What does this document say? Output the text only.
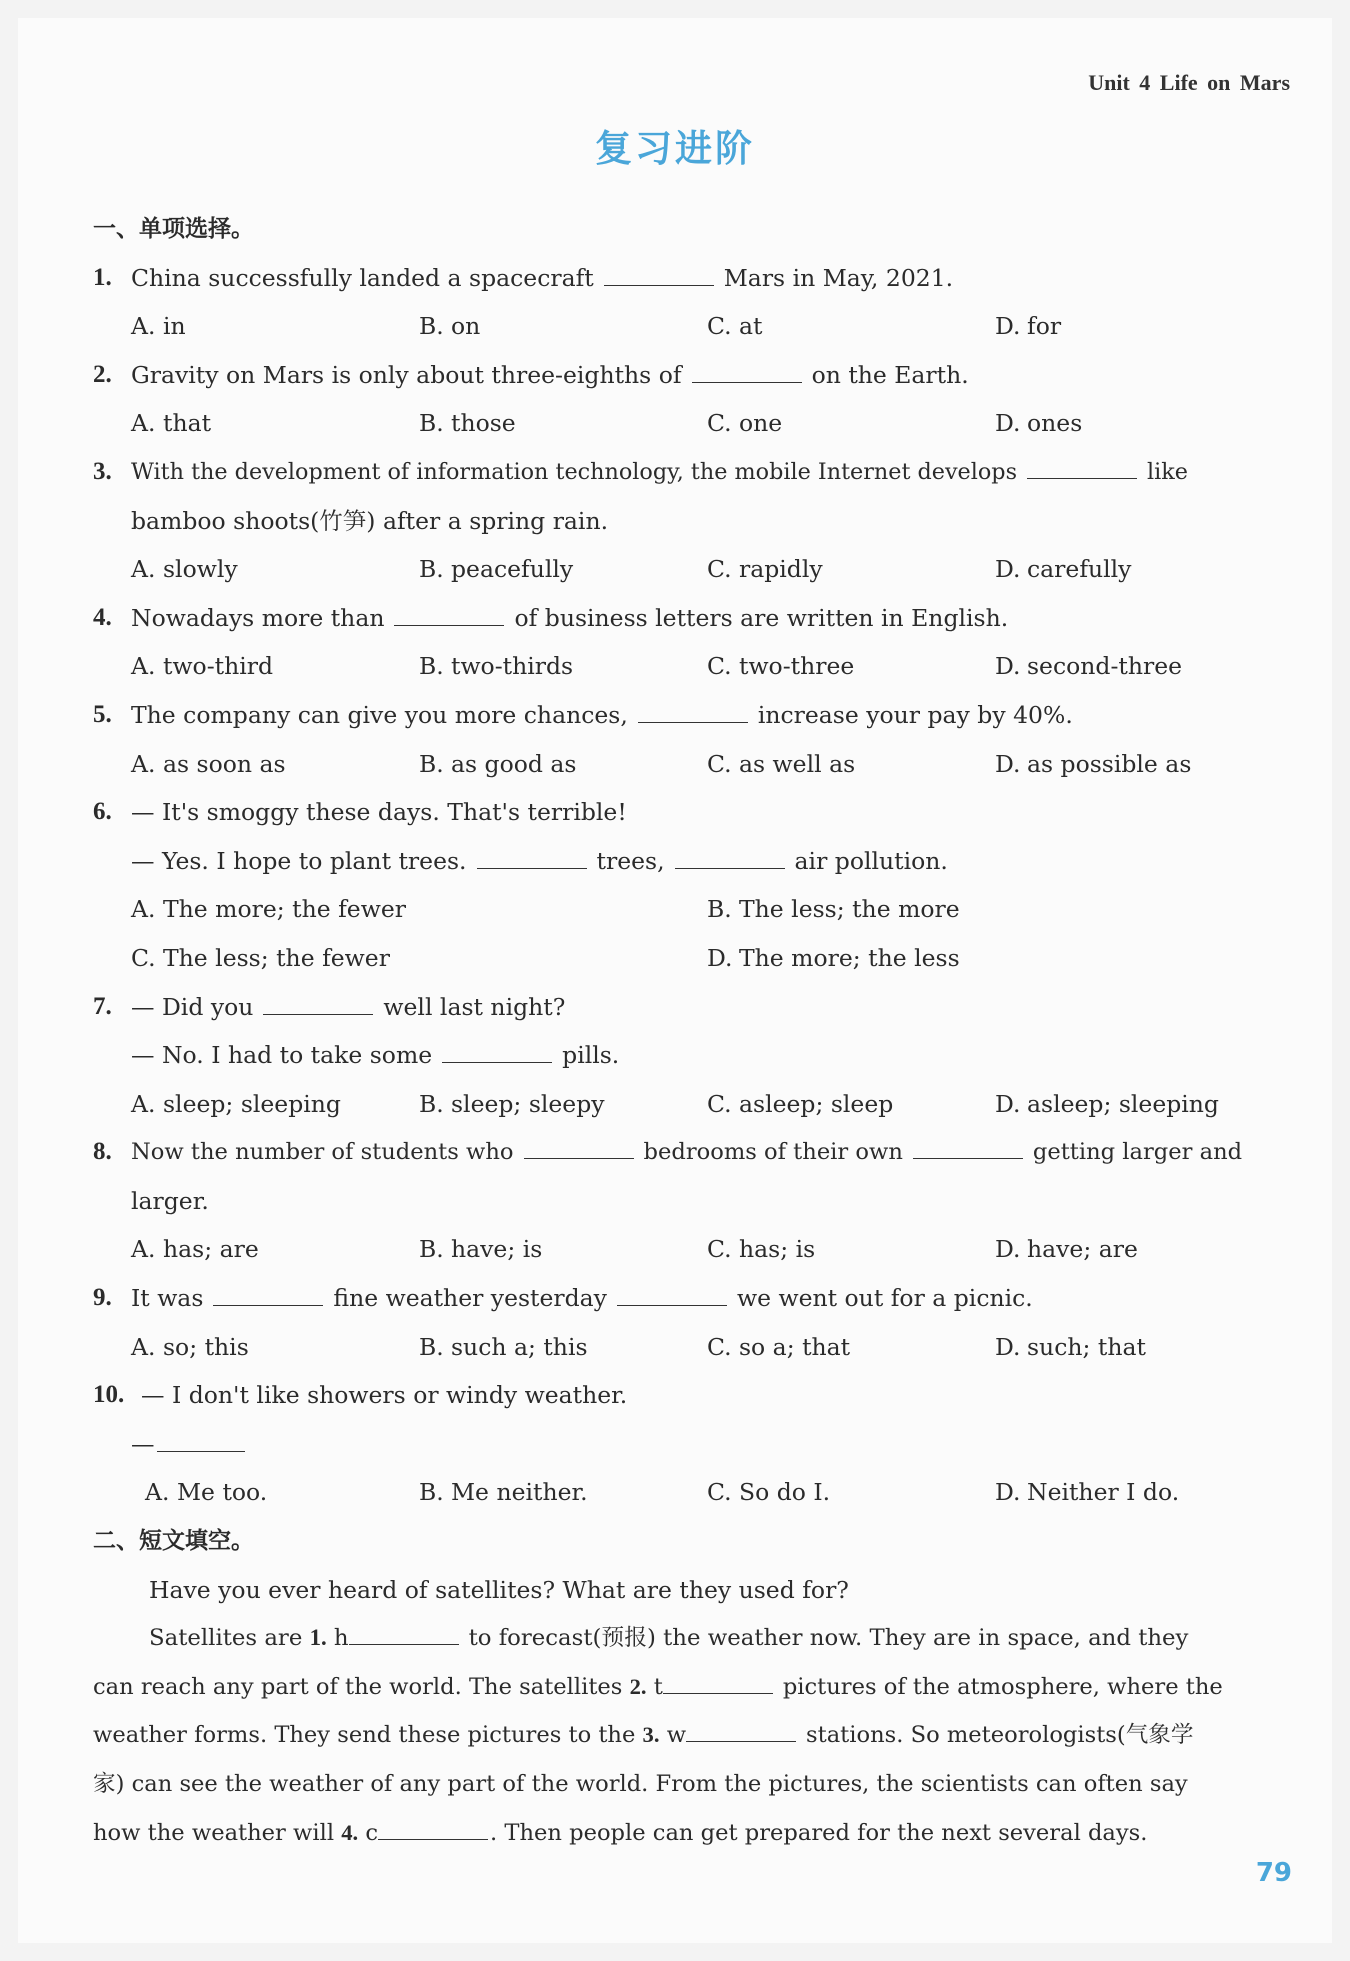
Unit 4 Life on Mars
复习进阶
一、单项选择。
1. China successfully landed a spacecraft	Mars in May, 2021.
A. in	B. on	C. at	D. for
2. Gravity on Mars is only about three-eighths of	on the Earth.
A. that	B. those	C. one	D. ones
3. With the development of information technology, the mobile Internet develops	like
bamboo shoots(竹笋) after a spring rain.
A. slowly	B. peacefully	C. rapidly	D. carefully
4. Nowadays more than	of business letters are written in English.
A. two-third	B. two-thirds	C. two-three	D. second-three
5. The company can give you more chances,	increase your pay by 40%.
A. as soon as	B. as good as	C. as well as	D. as possible as
6. — It's smoggy these days. That's terrible!
— Yes. I hope to plant trees.	trees,	air pollution.
A. The more; the fewer	B. The less; the more
C. The less; the fewer	D. The more; the less
7. — Did you	well last night?
— No. I had to take some	pills.
A. sleep; sleeping	B. sleep; sleepy	C. asleep; sleep	D. asleep; sleeping
8. Now the number of students who	bedrooms of their own	getting larger and
larger.
A. has; are	B. have; is	C. has; is	D. have; are
9. It was	fine weather yesterday	we went out for a picnic.
A. so; this	B. such a; this	C. so a; that	D. such; that
10. — I don't like showers or windy weather.
—
A. Me too.	B. Me neither.	C. So do I.	D. Neither I do.
二、短文填空。
Have you ever heard of satellites? What are they used for?
Satellites are 1. h	to forecast(预报) the weather now. They are in space, and they
can reach any part of the world. The satellites 2. t	pictures of the atmosphere, where the
weather forms. They send these pictures to the 3. w	stations. So meteorologists(气象学
家) can see the weather of any part of the world. From the pictures, the scientists can often say
how the weather will 4. c	. Then people can get prepared for the next several days.
79
